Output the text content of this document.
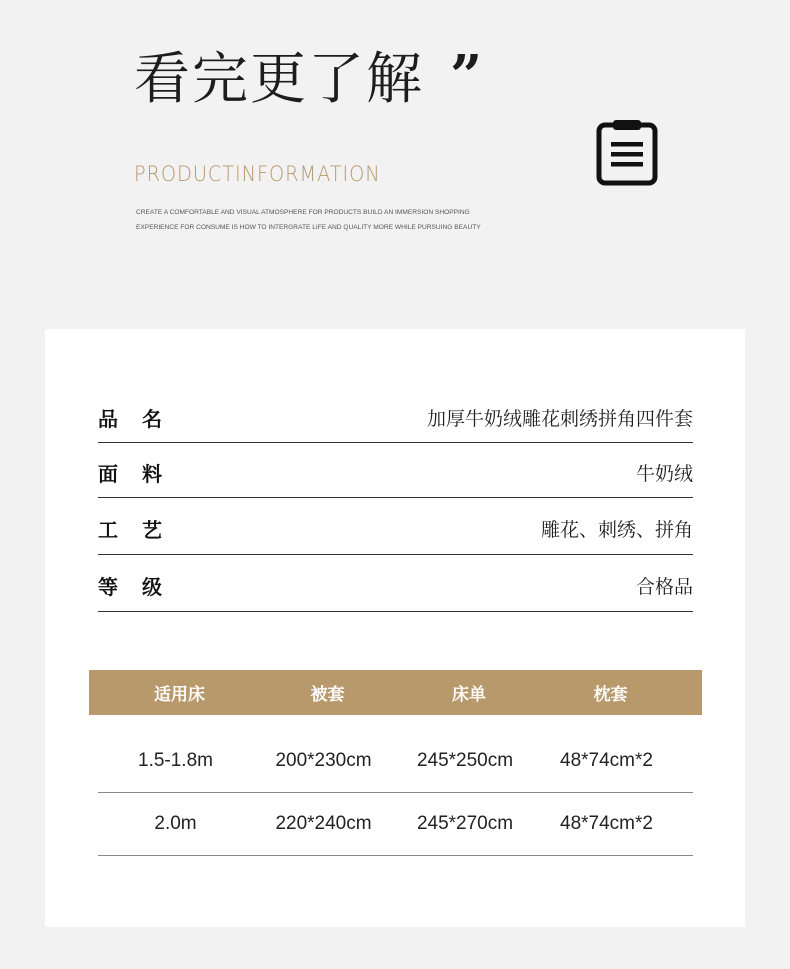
看完更了解 ”
PRODUCTINFORMATION
CREATE A COMFORTABLE AND VISUAL ATMOSPHERE FOR PRODUCTS BUILD AN IMMERSION SHOPPING EXPERIENCE FOR CONSUME IS HOW TO INTERGRATE LIFE AND QUALITY MORE WHILE PURSUING BEAUTY
品名	加厚牛奶绒雕花刺绣拼角四件套
面料	牛奶绒
工艺	雕花、刺绣、拼角
等级	合格品
适用床	被套	床单	枕套
1.5-1.8m	200*230cm	245*250cm	48*74cm*2
2.0m	220*240cm	245*270cm	48*74cm*2
